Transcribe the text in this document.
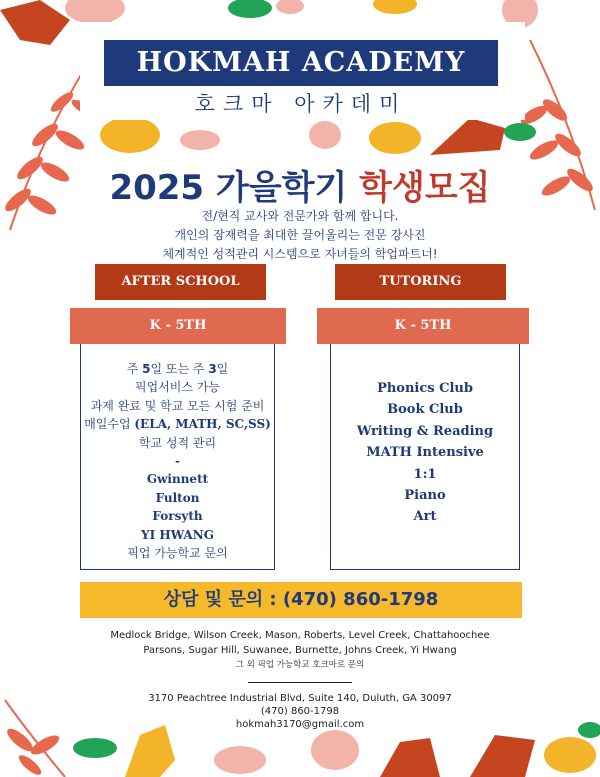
HOKMAH ACADEMY
호크마 아카데미
2025 가을학기 학생모집
전/현직 교사와 전문가와 함께 합니다.
개인의 잠재력을 최대한 끌어올리는 전문 강사진
체계적인 성적관리 시스템으로 자녀들의 학업파트너!
AFTER SCHOOL	TUTORING
K - 5TH	K - 5TH
주 5일 또는 주 3일
픽업서비스 가능
과제 완료 및 학교 모든 시험 준비
매일수업 (ELA, MATH, SC,SS)
학교 성적 관리
-
Gwinnett
Fulton
Forsyth
YI HWANG
픽업 가능학교 문의
Phonics Club
Book Club
Writing & Reading
MATH Intensive
1:1
Piano
Art
상담 및 문의 : (470) 860-1798
Medlock Bridge, Wilson Creek, Mason, Roberts, Level Creek, Chattahoochee
Parsons, Sugar Hill, Suwanee, Burnette, Johns Creek, Yi Hwang
그 외 픽업 가능학교 호크마로 문의
3170 Peachtree Industrial Blvd, Suite 140, Duluth, GA 30097
(470) 860-1798
hokmah3170@gmail.com
